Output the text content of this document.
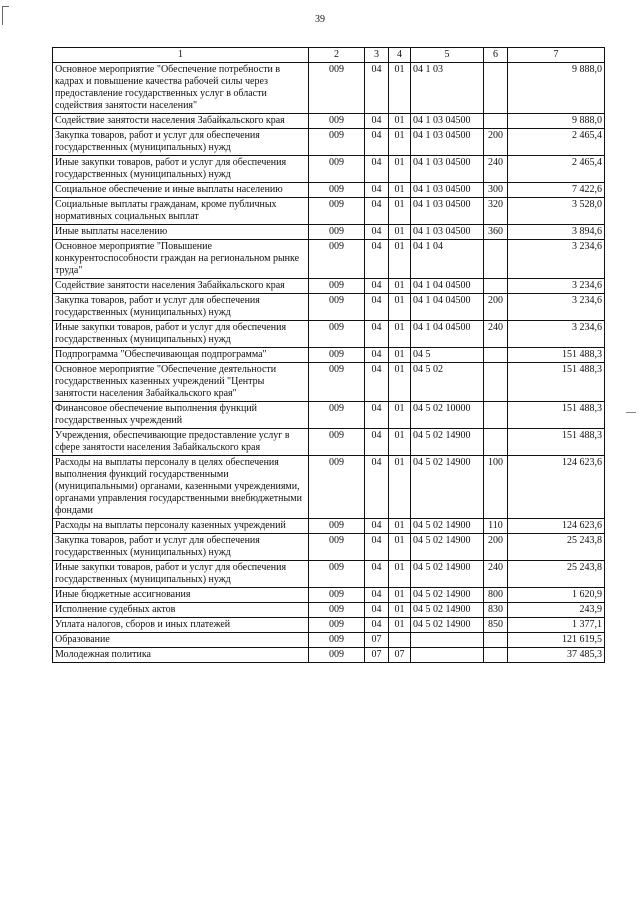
39
1	2	3	4	5	6	7
Основное мероприятие "Обеспечение потребности в кадрах и повышение качества рабочей силы через предоставление государственных услуг в области содействия занятости населения"	009	04	01	04 1 03		9 888,0
Содействие занятости населения Забайкальского края	009	04	01	04 1 03 04500		9 888,0
Закупка товаров, работ и услуг для обеспечения государственных (муниципальных) нужд	009	04	01	04 1 03 04500	200	2 465,4
Иные закупки товаров, работ и услуг для обеспечения государственных (муниципальных) нужд	009	04	01	04 1 03 04500	240	2 465,4
Социальное обеспечение и иные выплаты населению	009	04	01	04 1 03 04500	300	7 422,6
Социальные выплаты гражданам, кроме публичных нормативных социальных выплат	009	04	01	04 1 03 04500	320	3 528,0
Иные выплаты населению	009	04	01	04 1 03 04500	360	3 894,6
Основное мероприятие "Повышение конкурентоспособности граждан на региональном рынке труда"	009	04	01	04 1 04		3 234,6
Содействие занятости населения Забайкальского края	009	04	01	04 1 04 04500		3 234,6
Закупка товаров, работ и услуг для обеспечения государственных (муниципальных) нужд	009	04	01	04 1 04 04500	200	3 234,6
Иные закупки товаров, работ и услуг для обеспечения государственных (муниципальных) нужд	009	04	01	04 1 04 04500	240	3 234,6
Подпрограмма "Обеспечивающая подпрограмма"	009	04	01	04 5		151 488,3
Основное мероприятие "Обеспечение деятельности государственных казенных учреждений "Центры занятости населения Забайкальского края"	009	04	01	04 5 02		151 488,3
Финансовое обеспечение выполнения функций государственных учреждений	009	04	01	04 5 02 10000		151 488,3
Учреждения, обеспечивающие предоставление услуг в сфере занятости населения Забайкальского края	009	04	01	04 5 02 14900		151 488,3
Расходы на выплаты персоналу в целях обеспечения выполнения функций государственными (муниципальными) органами, казенными учреждениями, органами управления государственными внебюджетными фондами	009	04	01	04 5 02 14900	100	124 623,6
Расходы на выплаты персоналу казенных учреждений	009	04	01	04 5 02 14900	110	124 623,6
Закупка товаров, работ и услуг для обеспечения государственных (муниципальных) нужд	009	04	01	04 5 02 14900	200	25 243,8
Иные закупки товаров, работ и услуг для обеспечения государственных (муниципальных) нужд	009	04	01	04 5 02 14900	240	25 243,8
Иные бюджетные ассигнования	009	04	01	04 5 02 14900	800	1 620,9
Исполнение судебных актов	009	04	01	04 5 02 14900	830	243,9
Уплата налогов, сборов и иных платежей	009	04	01	04 5 02 14900	850	1 377,1
Образование	009	07				121 619,5
Молодежная политика	009	07	07			37 485,3
